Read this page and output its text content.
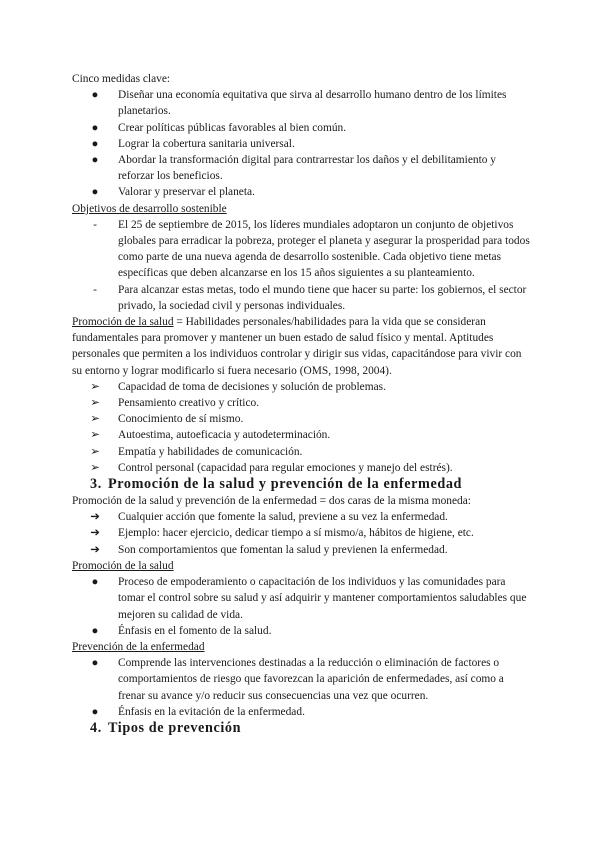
Cinco medidas clave:

●	Diseñar una economía equitativa que sirva al desarrollo humano dentro de los límites planetarios.
●	Crear políticas públicas favorables al bien común.
●	Lograr la cobertura sanitaria universal.
●	Abordar la transformación digital para contrarrestar los daños y el debilitamiento y reforzar los beneficios.
●	Valorar y preservar el planeta.

Objetivos de desarrollo sostenible

-	El 25 de septiembre de 2015, los líderes mundiales adoptaron un conjunto de objetivos globales para erradicar la pobreza, proteger el planeta y asegurar la prosperidad para todos como parte de una nueva agenda de desarrollo sostenible. Cada objetivo tiene metas específicas que deben alcanzarse en los 15 años siguientes a su planteamiento.
-	Para alcanzar estas metas, todo el mundo tiene que hacer su parte: los gobiernos, el sector privado, la sociedad civil y personas individuales.

Promoción de la salud = Habilidades personales/habilidades para la vida que se consideran fundamentales para promover y mantener un buen estado de salud físico y mental. Aptitudes personales que permiten a los individuos controlar y dirigir sus vidas, capacitándose para vivir con su entorno y lograr modificarlo si fuera necesario (OMS, 1998, 2004).

➢ Capacidad de toma de decisiones y solución de problemas.
➢ Pensamiento creativo y crítico.
➢ Conocimiento de sí mismo.
➢ Autoestima, autoeficacia y autodeterminación.
➢ Empatía y habilidades de comunicación.
➢ Control personal (capacidad para regular emociones y manejo del estrés).
3. Promoción de la salud y prevención de la enfermedad

Promoción de la salud y prevención de la enfermedad = dos caras de la misma moneda:

➔ Cualquier acción que fomente la salud, previene a su vez la enfermedad.
➔ Ejemplo: hacer ejercicio, dedicar tiempo a sí mismo/a, hábitos de higiene, etc.
➔ Son comportamientos que fomentan la salud y previenen la enfermedad.

Promoción de la salud

●	Proceso de empoderamiento o capacitación de los individuos y las comunidades para tomar el control sobre su salud y así adquirir y mantener comportamientos saludables que mejoren su calidad de vida.
●	Énfasis en el fomento de la salud.

Prevención de la enfermedad

●	Comprende las intervenciones destinadas a la reducción o eliminación de factores o comportamientos de riesgo que favorezcan la aparición de enfermedades, así como a frenar su avance y/o reducir sus consecuencias una vez que ocurren.
●	Énfasis en la evitación de la enfermedad.
4. Tipos de prevención
